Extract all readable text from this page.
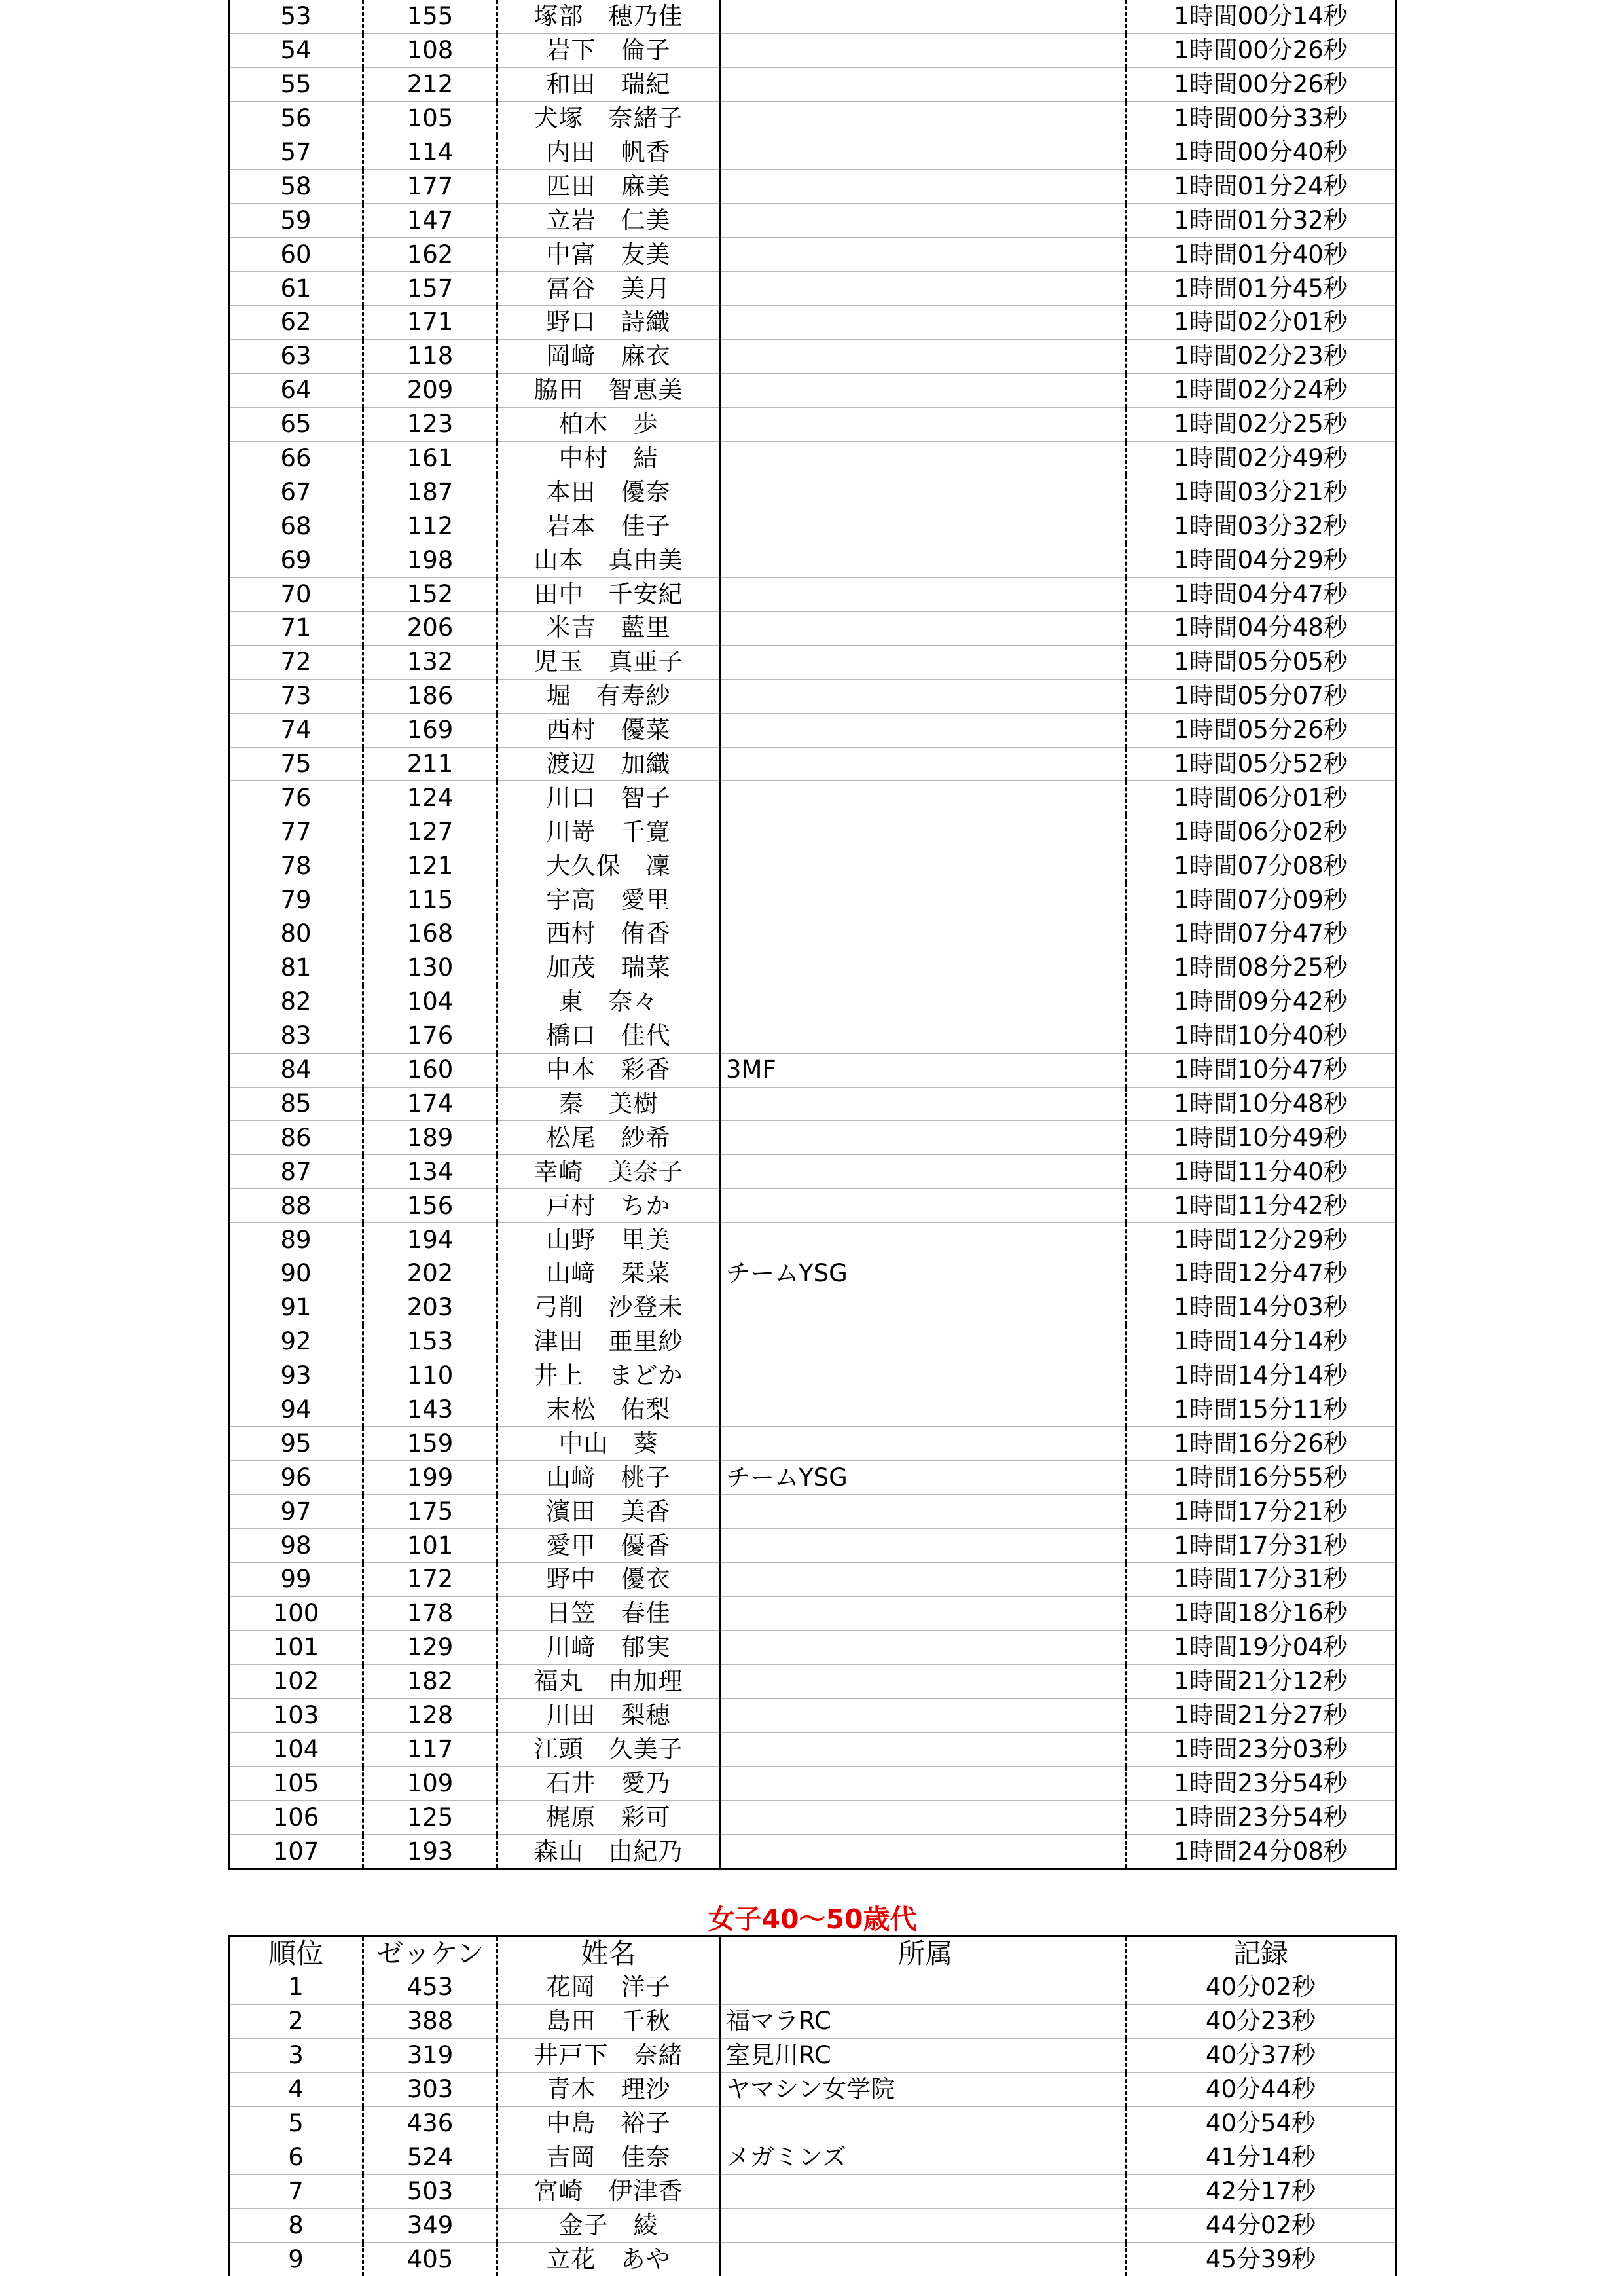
53	155	塚部　穂乃佳		1時間00分14秒
54	108	岩下　倫子		1時間00分26秒
55	212	和田　瑞紀		1時間00分26秒
56	105	犬塚　奈緒子		1時間00分33秒
57	114	内田　帆香		1時間00分40秒
58	177	匹田　麻美		1時間01分24秒
59	147	立岩　仁美		1時間01分32秒
60	162	中富　友美		1時間01分40秒
61	157	冨谷　美月		1時間01分45秒
62	171	野口　詩織		1時間02分01秒
63	118	岡﨑　麻衣		1時間02分23秒
64	209	脇田　智恵美		1時間02分24秒
65	123	柏木　歩		1時間02分25秒
66	161	中村　結		1時間02分49秒
67	187	本田　優奈		1時間03分21秒
68	112	岩本　佳子		1時間03分32秒
69	198	山本　真由美		1時間04分29秒
70	152	田中　千安紀		1時間04分47秒
71	206	米吉　藍里		1時間04分48秒
72	132	児玉　真亜子		1時間05分05秒
73	186	堀　有寿紗		1時間05分07秒
74	169	西村　優菜		1時間05分26秒
75	211	渡辺　加織		1時間05分52秒
76	124	川口　智子		1時間06分01秒
77	127	川嵜　千寛		1時間06分02秒
78	121	大久保　凜		1時間07分08秒
79	115	宇高　愛里		1時間07分09秒
80	168	西村　侑香		1時間07分47秒
81	130	加茂　瑞菜		1時間08分25秒
82	104	東　奈々		1時間09分42秒
83	176	橋口　佳代		1時間10分40秒
84	160	中本　彩香	3MF	1時間10分47秒
85	174	秦　美樹		1時間10分48秒
86	189	松尾　紗希		1時間10分49秒
87	134	幸崎　美奈子		1時間11分40秒
88	156	戸村　ちか		1時間11分42秒
89	194	山野　里美		1時間12分29秒
90	202	山﨑　栞菜	チームYSG	1時間12分47秒
91	203	弓削　沙登未		1時間14分03秒
92	153	津田　亜里紗		1時間14分14秒
93	110	井上　まどか		1時間14分14秒
94	143	末松　佑梨		1時間15分11秒
95	159	中山　葵		1時間16分26秒
96	199	山﨑　桃子	チームYSG	1時間16分55秒
97	175	濱田　美香		1時間17分21秒
98	101	愛甲　優香		1時間17分31秒
99	172	野中　優衣		1時間17分31秒
100	178	日笠　春佳		1時間18分16秒
101	129	川﨑　郁実		1時間19分04秒
102	182	福丸　由加理		1時間21分12秒
103	128	川田　梨穂		1時間21分27秒
104	117	江頭　久美子		1時間23分03秒
105	109	石井　愛乃		1時間23分54秒
106	125	梶原　彩可		1時間23分54秒
107	193	森山　由紀乃		1時間24分08秒
女子40～50歳代
順位	ゼッケン	姓名	所属	記録
1	453	花岡　洋子		40分02秒
2	388	島田　千秋	福マラRC	40分23秒
3	319	井戸下　奈緒	室見川RC	40分37秒
4	303	青木　理沙	ヤマシン女学院	40分44秒
5	436	中島　裕子		40分54秒
6	524	吉岡　佳奈	メガミンズ	41分14秒
7	503	宮崎　伊津香		42分17秒
8	349	金子　綾		44分02秒
9	405	立花　あや		45分39秒
